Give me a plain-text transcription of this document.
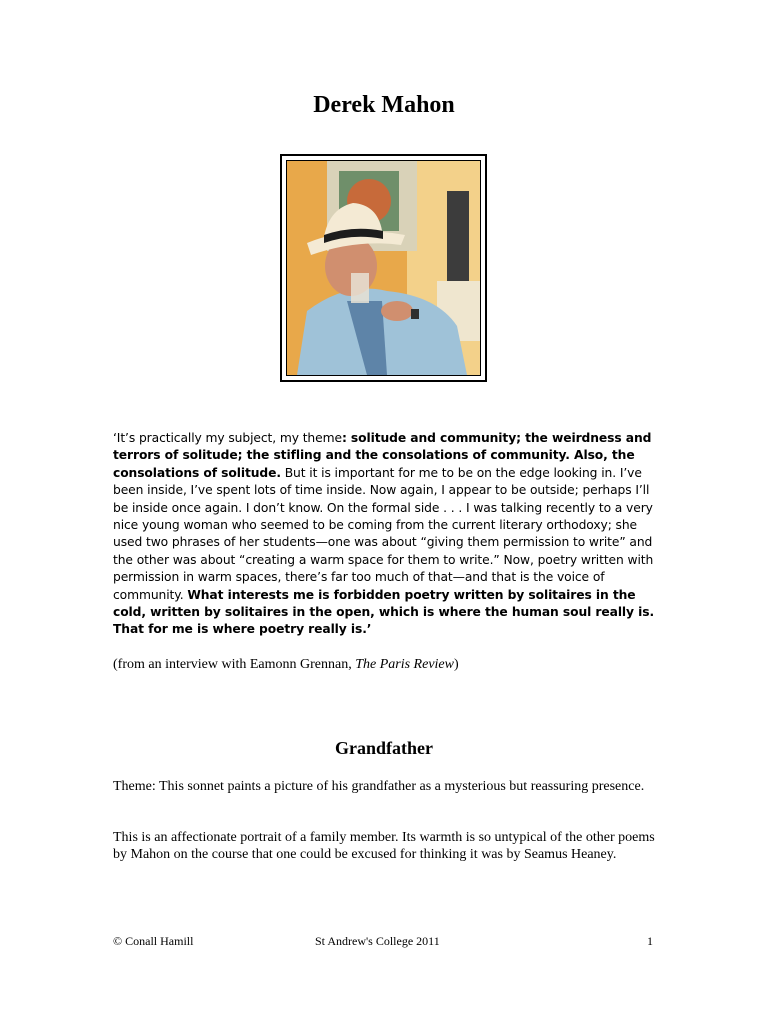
Derek Mahon

‘It’s practically my subject, my theme: solitude and community; the weirdness and terrors of solitude; the stifling and the consolations of community. Also, the consolations of solitude. But it is important for me to be on the edge looking in. I’ve been inside, I’ve spent lots of time inside. Now again, I appear to be outside; perhaps I’ll be inside once again. I don’t know. On the formal side . . . I was talking recently to a very nice young woman who seemed to be coming from the current literary orthodoxy; she used two phrases of her students—one was about “giving them permission to write” and the other was about “creating a warm space for them to write.” Now, poetry written with permission in warm spaces, there’s far too much of that—and that is the voice of community. What interests me is forbidden poetry written by solitaires in the cold, written by solitaires in the open, which is where the human soul really is. That for me is where poetry really is.’

(from an interview with Eamonn Grennan, The Paris Review)

Grandfather

Theme: This sonnet paints a picture of his grandfather as a mysterious but reassuring presence.

This is an affectionate portrait of a family member. Its warmth is so untypical of the other poems by Mahon on the course that one could be excused for thinking it was by Seamus Heaney.

© Conall Hamill	St Andrew's College 2011	1
